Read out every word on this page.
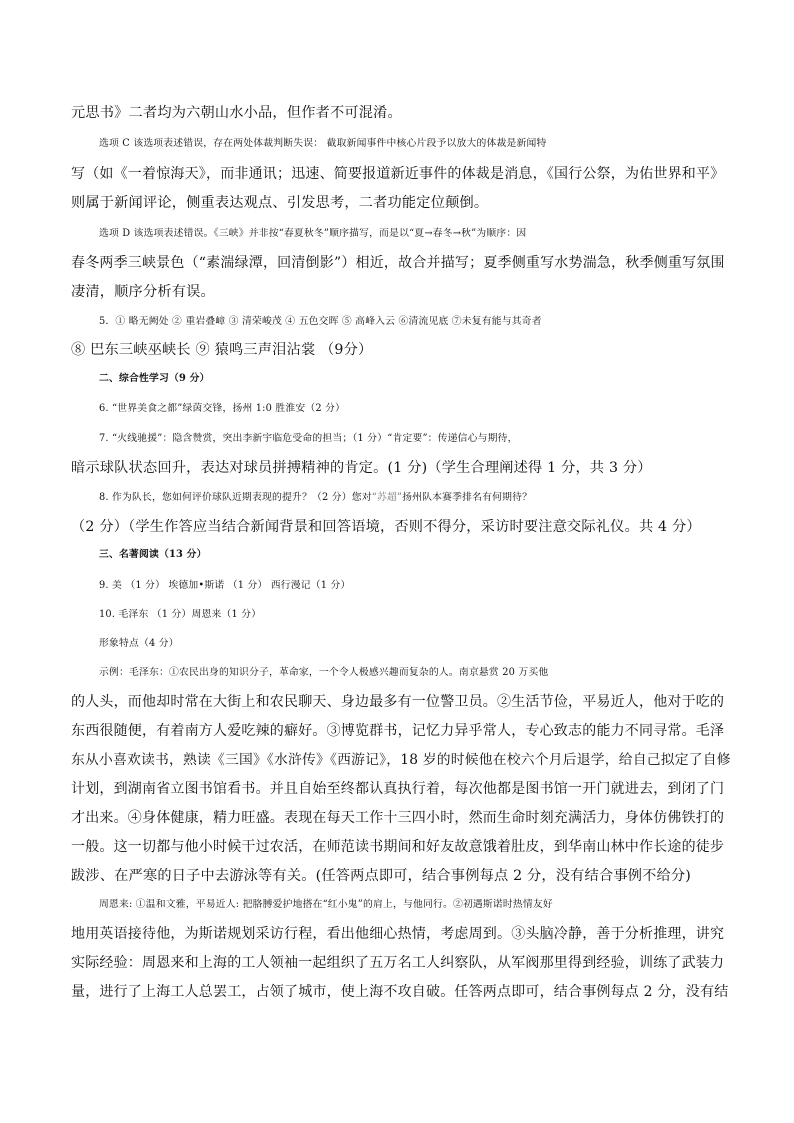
元思书》二者均为六朝山水小品，但作者不可混淆。
选项 C 该选项表述错误，存在两处体裁判断失误： 截取新闻事件中核心片段予以放大的体裁是新闻特
写（如《一着惊海天》，而非通讯；迅速、简要报道新近事件的体裁是消息，《国行公祭，为佑世界和平》
则属于新闻评论，侧重表达观点、引发思考，二者功能定位颠倒。
选项 D 该选项表述错误。《三峡》并非按“春夏秋冬”顺序描写，而是以“夏→春冬→秋”为顺序：因
春冬两季三峡景色（“素湍绿潭，回清倒影”）相近，故合并描写；夏季侧重写水势湍急，秋季侧重写氛围
凄清，顺序分析有误。
5．① 略无阙处 ② 重岩叠嶂 ③ 清荣峻茂 ④ 五色交晖 ⑤ 高峰入云 ⑥清流见底 ⑦未复有能与其奇者
⑧ 巴东三峡巫峡长 ⑨ 猿鸣三声泪沾裳 （9分）
二、综合性学习（9 分）
6. “世界美食之都”绿茵交锋，扬州 1:0 胜淮安（2 分）
7. “火线驰援”：隐含赞赏，突出李新宇临危受命的担当；（1 分）“肯定要”：传递信心与期待，
暗示球队状态回升，表达对球员拼搏精神的肯定。(1 分)（学生合理阐述得 1 分，共 3 分）
8. 作为队长，您如何评价球队近期表现的提升？（2 分）您对“苏超”扬州队本赛季排名有何期待？
（2 分）（学生作答应当结合新闻背景和回答语境，否则不得分，采访时要注意交际礼仪。共 4 分）
三、名著阅读（13 分）
9. 美 （1 分） 埃德加•斯诺 （1 分） 西行漫记（1 分）
10. 毛泽东 （1 分）周恩来（1 分）
形象特点（4 分）
示例：毛泽东：①农民出身的知识分子，革命家，一个令人极感兴趣而复杂的人。南京悬赏 20 万买他
的人头，而他却时常在大街上和农民聊天、身边最多有一位警卫员。②生活节俭，平易近人，他对于吃的
东西很随便，有着南方人爱吃辣的癖好。③博览群书，记忆力异乎常人，专心致志的能力不同寻常。毛泽
东从小喜欢读书，熟读《三国》《水浒传》《西游记》，18 岁的时候他在校六个月后退学，给自己拟定了自修
计划，到湖南省立图书馆看书。并且自始至终都认真执行着，每次他都是图书馆一开门就进去，到闭了门
才出来。④身体健康，精力旺盛。表现在每天工作十三四小时，然而生命时刻充满活力，身体仿佛铁打的
一般。这一切都与他小时候干过农活，在师范读书期间和好友故意饿着肚皮，到华南山林中作长途的徒步
跋涉、在严寒的日子中去游泳等有关。(任答两点即可，结合事例每点 2 分，没有结合事例不给分)
周恩来: ①温和文雅，平易近人: 把胳膊爱护地搭在“红小鬼”的肩上，与他同行。②初遇斯诺时热情友好
地用英语接待他，为斯诺规划采访行程，看出他细心热情，考虑周到。③头脑冷静，善于分析推理，讲究
实际经验：周恩来和上海的工人领袖一起组织了五万名工人纠察队，从军阀那里得到经验，训练了武装力
量，进行了上海工人总罢工，占领了城市，使上海不攻自破。任答两点即可，结合事例每点 2 分，没有结
